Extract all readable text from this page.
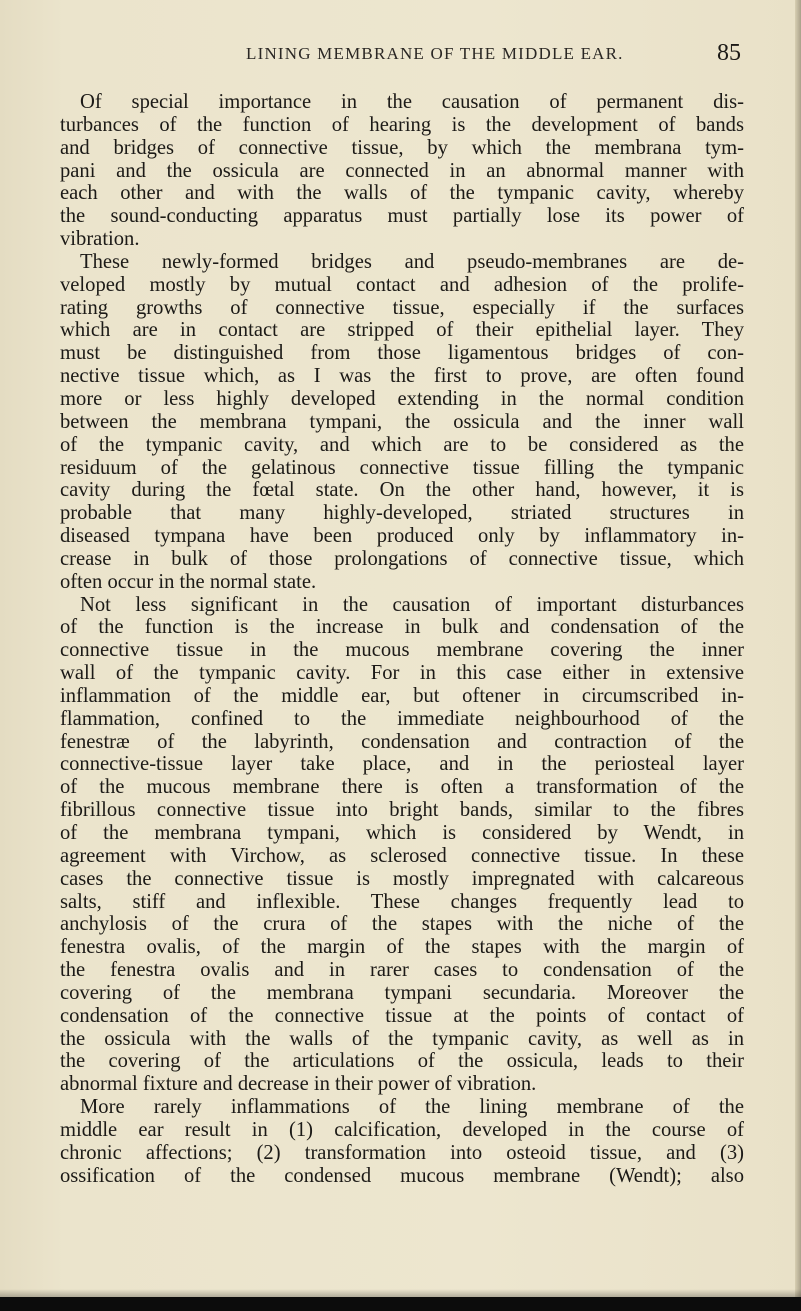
LINING MEMBRANE OF THE MIDDLE EAR.	85
Of special importance in the causation of permanent dis-
turbances of the function of hearing is the development of bands
and bridges of connective tissue, by which the membrana tym-
pani and the ossicula are connected in an abnormal manner with
each other and with the walls of the tympanic cavity, whereby
the sound-conducting apparatus must partially lose its power of
vibration.
These newly-formed bridges and pseudo-membranes are de-
veloped mostly by mutual contact and adhesion of the prolife-
rating growths of connective tissue, especially if the surfaces
which are in contact are stripped of their epithelial layer. They
must be distinguished from those ligamentous bridges of con-
nective tissue which, as I was the first to prove, are often found
more or less highly developed extending in the normal condition
between the membrana tympani, the ossicula and the inner wall
of the tympanic cavity, and which are to be considered as the
residuum of the gelatinous connective tissue filling the tympanic
cavity during the fœtal state. On the other hand, however, it is
probable that many highly-developed, striated structures in
diseased tympana have been produced only by inflammatory in-
crease in bulk of those prolongations of connective tissue, which
often occur in the normal state.
Not less significant in the causation of important disturbances
of the function is the increase in bulk and condensation of the
connective tissue in the mucous membrane covering the inner
wall of the tympanic cavity. For in this case either in extensive
inflammation of the middle ear, but oftener in circumscribed in-
flammation, confined to the immediate neighbourhood of the
fenestræ of the labyrinth, condensation and contraction of the
connective-tissue layer take place, and in the periosteal layer
of the mucous membrane there is often a transformation of the
fibrillous connective tissue into bright bands, similar to the fibres
of the membrana tympani, which is considered by Wendt, in
agreement with Virchow, as sclerosed connective tissue. In these
cases the connective tissue is mostly impregnated with calcareous
salts, stiff and inflexible. These changes frequently lead to
anchylosis of the crura of the stapes with the niche of the
fenestra ovalis, of the margin of the stapes with the margin of
the fenestra ovalis and in rarer cases to condensation of the
covering of the membrana tympani secundaria. Moreover the
condensation of the connective tissue at the points of contact of
the ossicula with the walls of the tympanic cavity, as well as in
the covering of the articulations of the ossicula, leads to their
abnormal fixture and decrease in their power of vibration.
More rarely inflammations of the lining membrane of the
middle ear result in (1) calcification, developed in the course of
chronic affections; (2) transformation into osteoid tissue, and (3)
ossification of the condensed mucous membrane (Wendt); also
